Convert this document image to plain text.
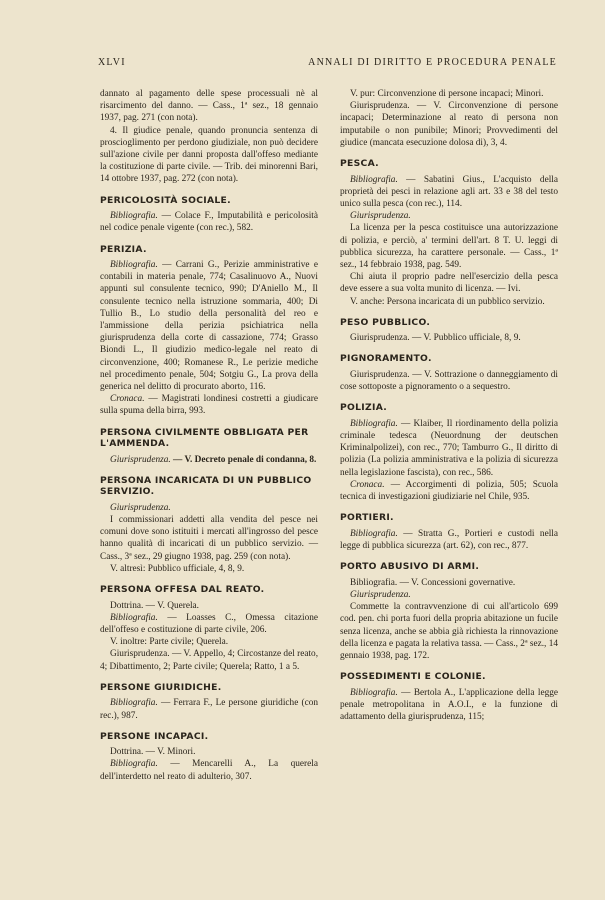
XLVI	ANNALI DI DIRITTO E PROCEDURA PENALE

dannato al pagamento delle spese processuali nè al risarcimento del danno. — Cass., 1ª sez., 18 gennaio 1937, pag. 271 (con nota).

4. Il giudice penale, quando pronuncia sentenza di proscioglimento per perdono giudiziale, non può decidere sull'azione civile per danni proposta dall'offeso mediante la costituzione di parte civile. — Trib. dei minorenni Bari, 14 ottobre 1937, pag. 272 (con nota).

PERICOLOSITÀ SOCIALE.

Bibliografia. — Colace F., Imputabilità e pericolosità nel codice penale vigente (con rec.), 582.

PERIZIA.

Bibliografia. — Carrani G., Perizie amministrative e contabili in materia penale, 774; Casalinuovo A., Nuovi appunti sul consulente tecnico, 990; D'Aniello M., Il consulente tecnico nella istruzione sommaria, 400; Di Tullio B., Lo studio della personalità del reo e l'ammissione della perizia psichiatrica nella giurisprudenza della corte di cassazione, 774; Grasso Biondi L., Il giudizio medico-legale nel reato di circonvenzione, 400; Romanese R., Le perizie mediche nel procedimento penale, 504; Sotgiu G., La prova della generica nel delitto di procurato aborto, 116.

Cronaca. — Magistrati londinesi costretti a giudicare sulla spuma della birra, 993.

PERSONA CIVILMENTE OBBLIGATA PER L'AMMENDA.

Giurisprudenza. — V. Decreto penale di condanna, 8.

PERSONA INCARICATA DI UN PUBBLICO SERVIZIO.

Giurisprudenza.

I commissionari addetti alla vendita del pesce nei comuni dove sono istituiti i mercati all'ingrosso del pesce hanno qualità di incaricati di un pubblico servizio. — Cass., 3ª sez., 29 giugno 1938, pag. 259 (con nota).

V. altresì: Pubblico ufficiale, 4, 8, 9.

PERSONA OFFESA DAL REATO.

Dottrina. — V. Querela.

Bibliografia. — Loasses C., Omessa citazione dell'offeso e costituzione di parte civile, 206.

V. inoltre: Parte civile; Querela.

Giurisprudenza. — V. Appello, 4; Circostanze del reato, 4; Dibattimento, 2; Parte civile; Querela; Ratto, 1 a 5.

PERSONE GIURIDICHE.

Bibliografia. — Ferrara F., Le persone giuridiche (con rec.), 987.

PERSONE INCAPACI.

Dottrina. — V. Minori.

Bibliografia. — Mencarelli A., La querela dell'interdetto nel reato di adulterio, 307.

V. pur: Circonvenzione di persone incapaci; Minori.

Giurisprudenza. — V. Circonvenzione di persone incapaci; Determinazione al reato di persona non imputabile o non punibile; Minori; Provvedimenti del giudice (mancata esecuzione dolosa di), 3, 4.

PESCA.

Bibliografia. — Sabatini Gius., L'acquisto della proprietà dei pesci in relazione agli art. 33 e 38 del testo unico sulla pesca (con rec.), 114.

Giurisprudenza.

La licenza per la pesca costituisce una autorizzazione di polizia, e perciò, a' termini dell'art. 8 T. U. leggi di pubblica sicurezza, ha carattere personale. — Cass., 1ª sez., 14 febbraio 1938, pag. 549.

Chi aiuta il proprio padre nell'esercizio della pesca deve essere a sua volta munito di licenza. — Ivi.

V. anche: Persona incaricata di un pubblico servizio.

PESO PUBBLICO.

Giurisprudenza. — V. Pubblico ufficiale, 8, 9.

PIGNORAMENTO.

Giurisprudenza. — V. Sottrazione o danneggiamento di cose sottoposte a pignoramento o a sequestro.

POLIZIA.

Bibliografia. — Klaiber, Il riordinamento della polizia criminale tedesca (Neuordnung der deutschen Kriminalpolizei), con rec., 770; Tamburro G., Il diritto di polizia (La polizia amministrativa e la polizia di sicurezza nella legislazione fascista), con rec., 586.

Cronaca. — Accorgimenti di polizia, 505; Scuola tecnica di investigazioni giudiziarie nel Chile, 935.

PORTIERI.

Bibliografia. — Stratta G., Portieri e custodi nella legge di pubblica sicurezza (art. 62), con rec., 877.

PORTO ABUSIVO DI ARMI.

Bibliografia. — V. Concessioni governative.

Giurisprudenza.

Commette la contravvenzione di cui all'articolo 699 cod. pen. chi porta fuori della propria abitazione un fucile senza licenza, anche se abbia già richiesta la rinnovazione della licenza e pagata la relativa tassa. — Cass., 2ª sez., 14 gennaio 1938, pag. 172.

POSSEDIMENTI E COLONIE.

Bibliografia. — Bertola A., L'applicazione della legge penale metropolitana in A.O.I., e la funzione di adattamento della giurisprudenza, 115;
